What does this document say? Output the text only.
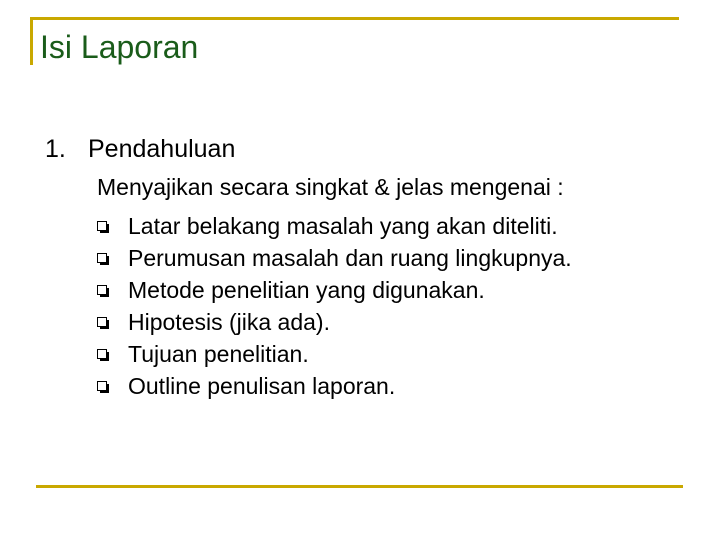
Isi Laporan
1. Pendahuluan
Menyajikan secara singkat & jelas mengenai :
Latar belakang masalah yang akan diteliti.
Perumusan masalah dan ruang lingkupnya.
Metode penelitian yang digunakan.
Hipotesis (jika ada).
Tujuan penelitian.
Outline penulisan laporan.
